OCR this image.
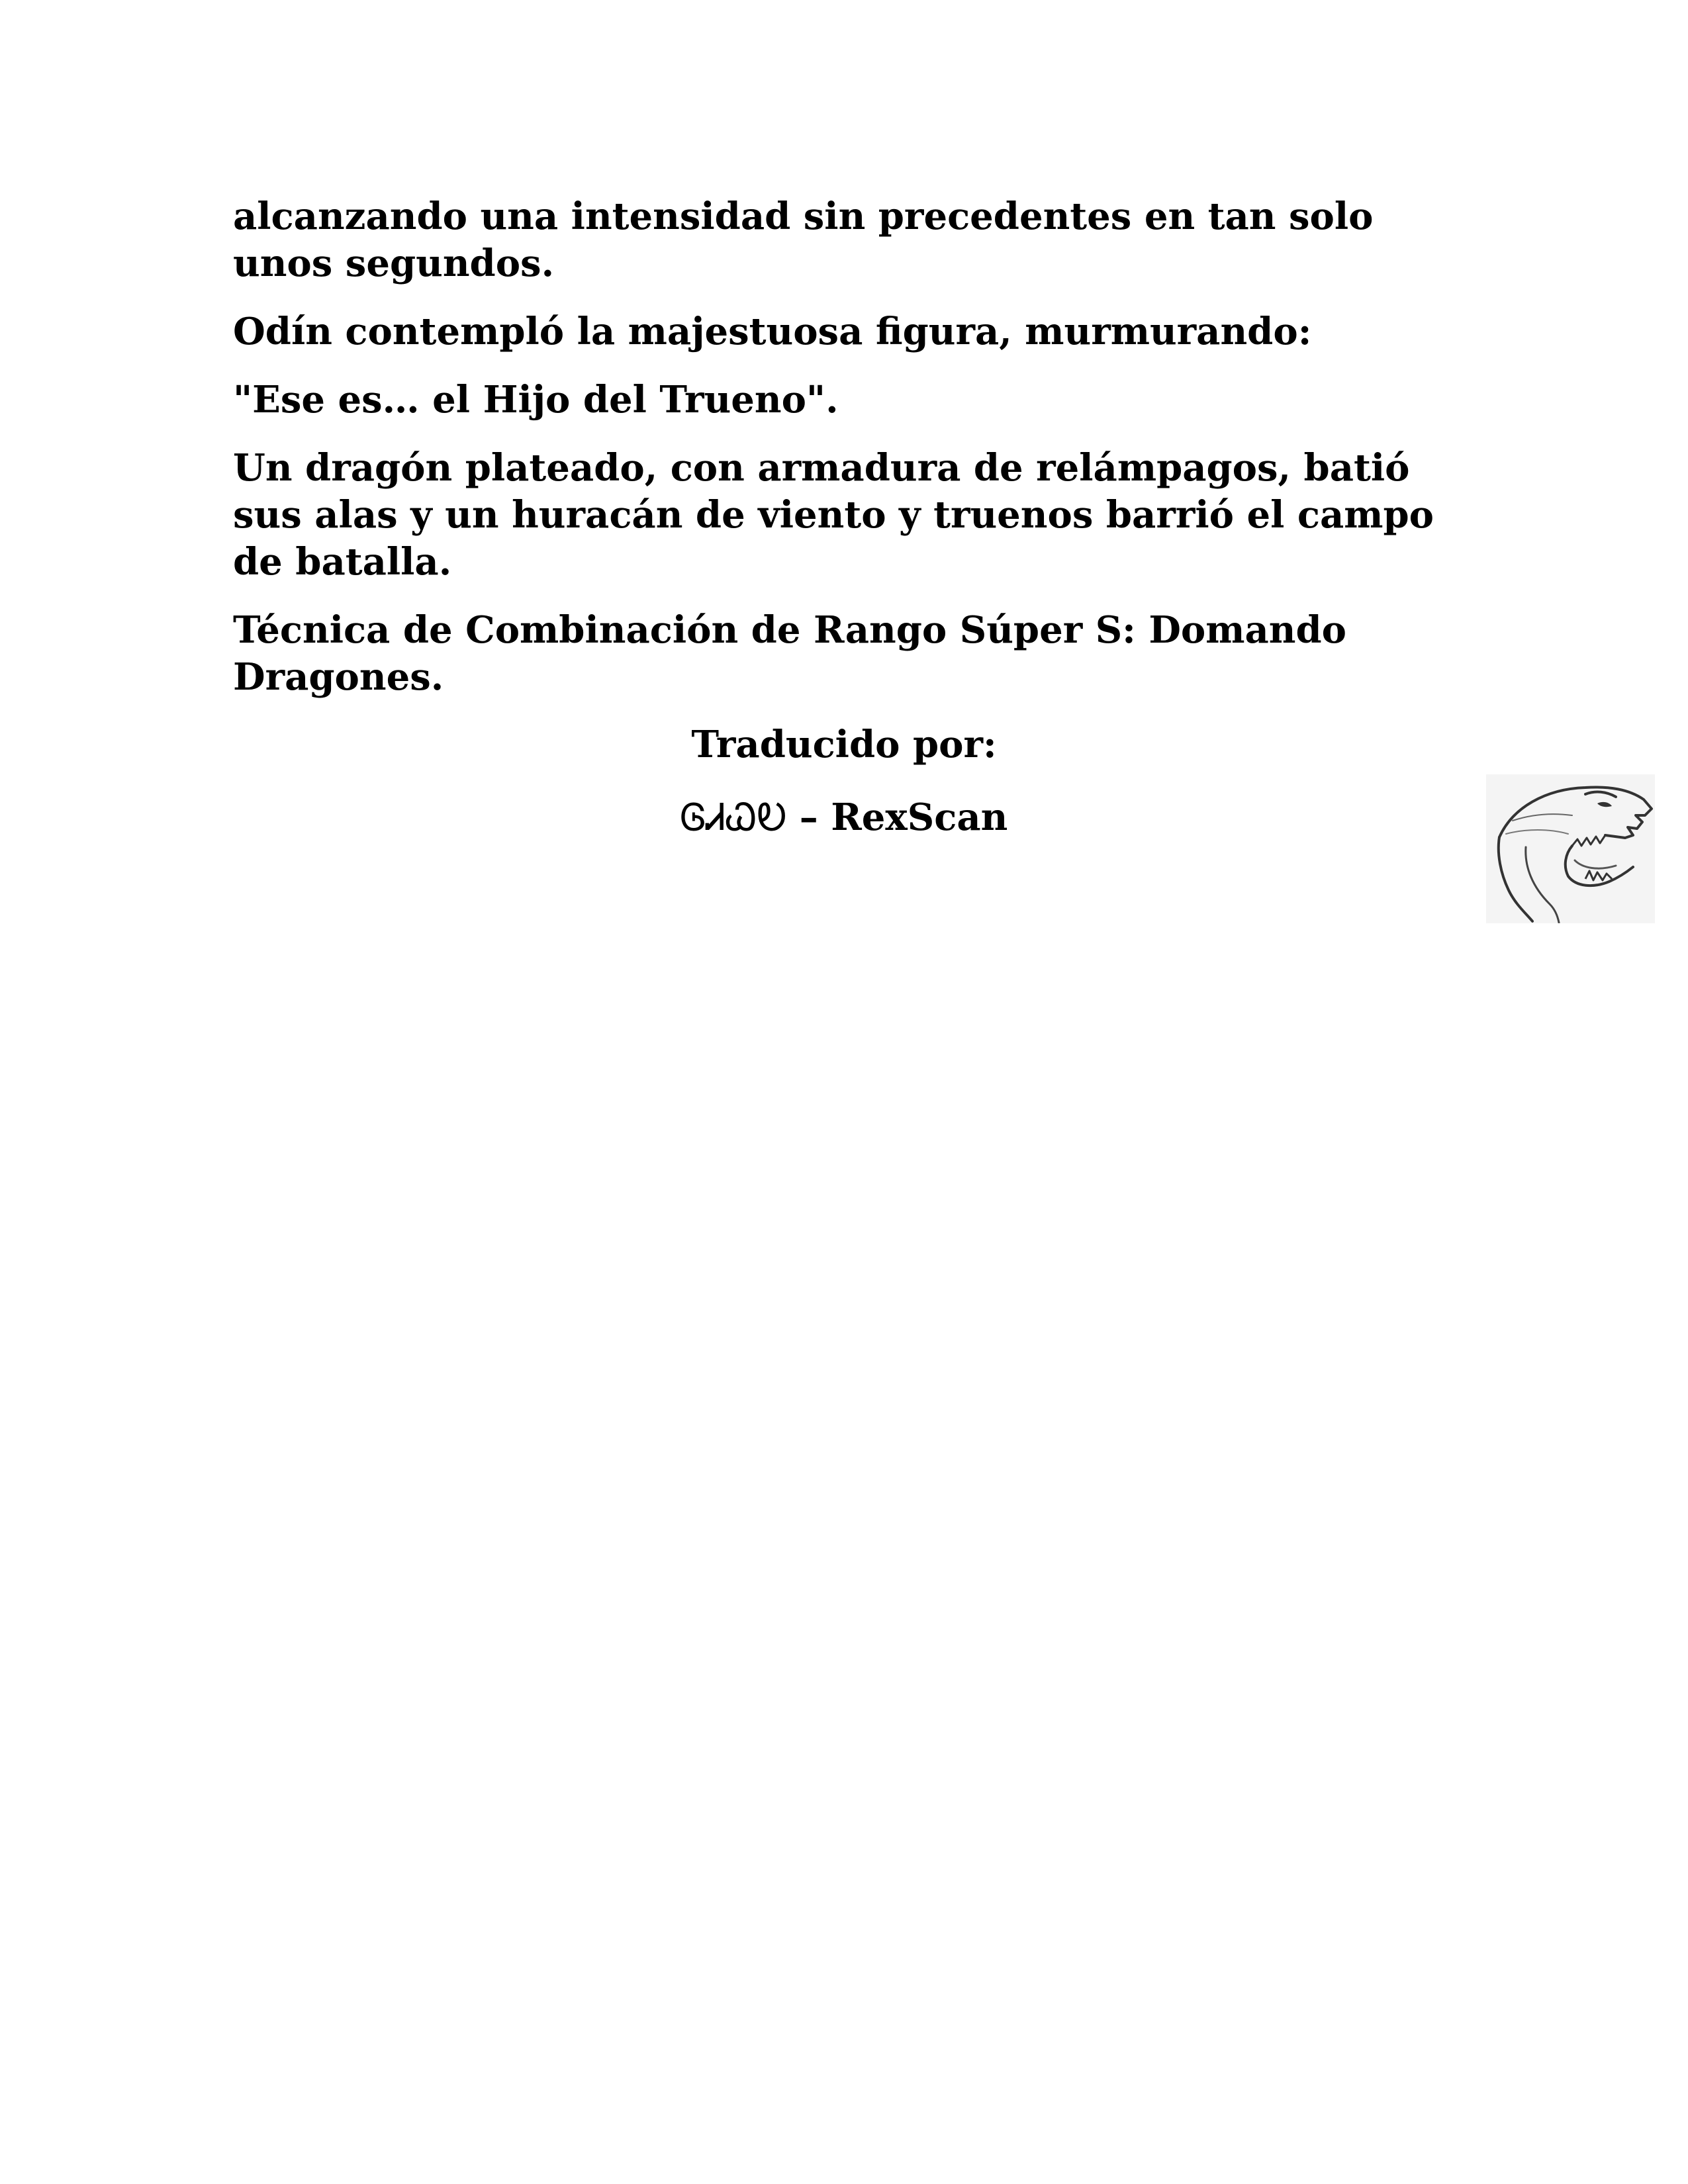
alcanzando una intensidad sin precedentes en tan solo unos segundos.

Odín contempló la majestuosa figura, murmurando:

"Ese es… el Hijo del Trueno".

Un dragón plateado, con armadura de relámpagos, batió sus alas y un huracán de viento y truenos barrió el campo de batalla.

Técnica de Combinación de Rango Súper S: Domando Dragones.

Traducido por:
ᎶᏗᏇᎧ – RexScan
